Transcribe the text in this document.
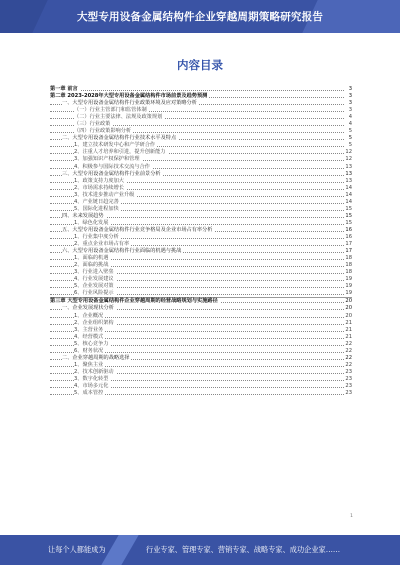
大型专用设备金属结构件企业穿越周期策略研究报告
内容目录
第一章 前言	3
第二章 2023-2028年大型专用设备金属结构件市场前景及趋势预测	3
一、大型专用设备金属结构件行业政策环境及应对策略分析	3
（一）行业主管部门和监管体制	3
（二）行业主要法律、法规及政策规划	4
（三）行业政策	4
（四）行业政策影响分析	5
二、大型专用设备金属结构件行业技术水平及特点	5
1、建立技术研发中心和产学研合作	5
2、注重人才培养和引进，提升创新能力	12
3、加强知识产权保护和管理	12
4、积极参与国际技术交流与合作	13
三、大型专用设备金属结构件行业前景分析	13
1、政策支持力度加大	13
2、市场需求持续增长	14
3、技术进步推动产业升级	14
4、产业链日趋完善	14
5、国际化进程加快	15
四、未来发展趋势	15
1、绿色化发展	15
五、大型专用设备金属结构件行业竞争格局及企业市场占有率分析	16
1、行业集中度分析	16
2、重点企业市场占有率	17
六、大型专用设备金属结构件行业面临的机遇与挑战	17
1、面临的机遇	18
2、面临的挑战	18
3、行业进入壁垒	18
4、行业发展建议	19
5、企业发展对策	19
6、行业风险提示	19
第三章 大型专用设备金属结构件企业穿越周期的经营战略规划与实施路径	20
一、企业发展现状分析	20
1、企业概况	20
2、企业组织架构	21
3、主营业务	21
4、经营模式	21
5、核心竞争力	22
6、财务状况	22
二、企业穿越周期的战略选择	22
1、聚焦主业	22
2、技术创新驱动	23
3、数字化转型	23
4、市场多元化	23
5、成本管控	23
1
让每个人都能成为	行业专家、管理专家、营销专家、战略专家、成功企业家……
